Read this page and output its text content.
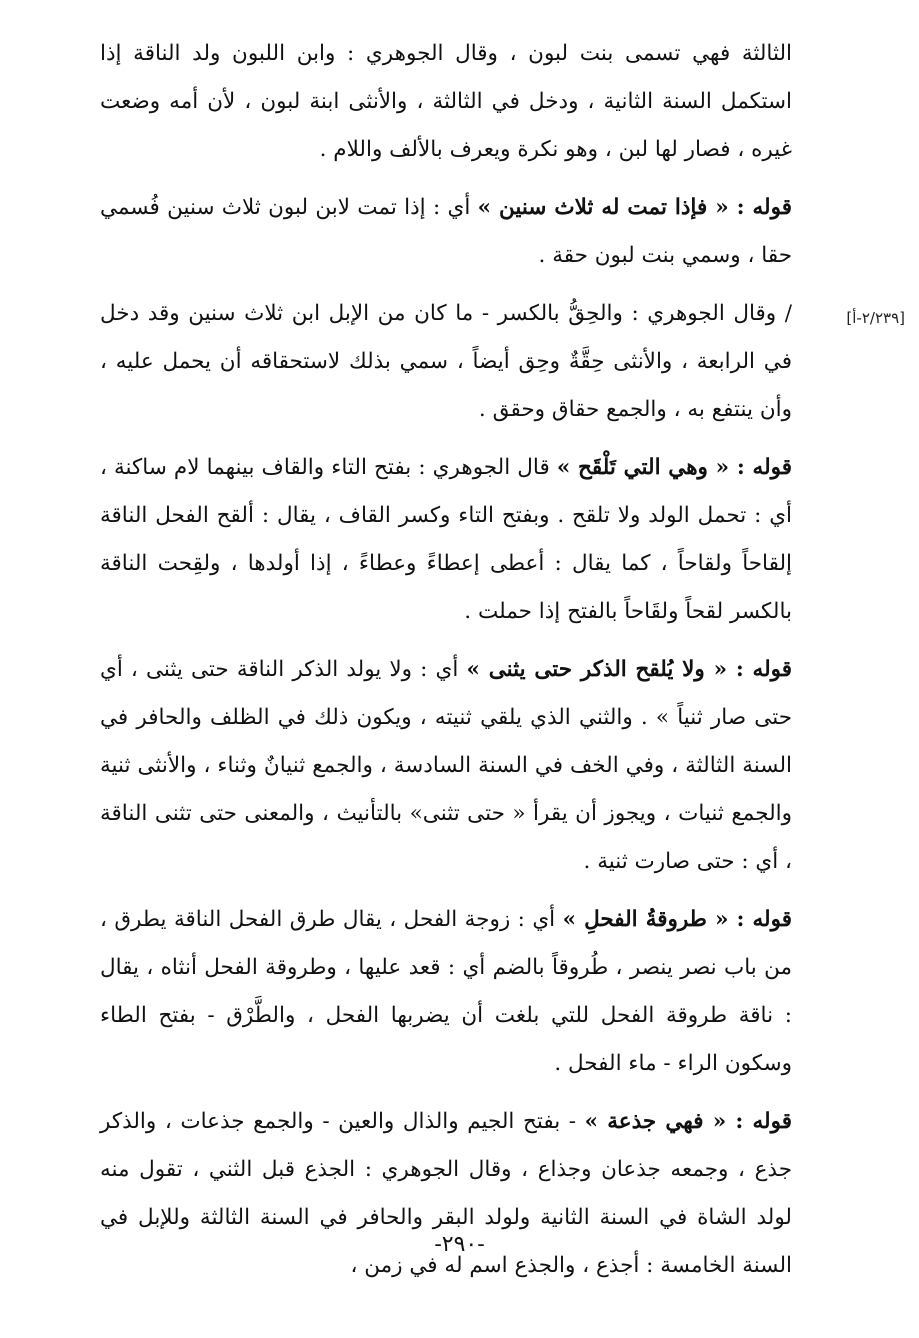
الثالثة فهي تسمى بنت لبون ، وقال الجوهري : وابن اللبون ولد الناقة إذا استكمل السنة الثانية ، ودخل في الثالثة ، والأنثى ابنة لبون ، لأن أمه وضعت غيره ، فصار لها لبن ، وهو نكرة ويعرف بالألف واللام .

قوله : « فإذا تمت له ثلاث سنين » أي : إذا تمت لابن لبون ثلاث سنين فُسمي حقا ، وسمي بنت لبون حقة .

[٢/٢٣٩-أ]
/ وقال الجوهري : والحِقُّ بالكسر - ما كان من الإبل ابن ثلاث سنين وقد دخل في الرابعة ، والأنثى حِقَّةٌ وحِق أيضاً ، سمي بذلك لاستحقاقه أن يحمل عليه ، وأن ينتفع به ، والجمع حقاق وحقق .

قوله : « وهي التي تَلْقَح » قال الجوهري : بفتح التاء والقاف بينهما لام ساكنة ، أي : تحمل الولد ولا تلقح . وبفتح التاء وكسر القاف ، يقال : ألقح الفحل الناقة إلقاحاً ولقاحاً ، كما يقال : أعطى إعطاءً وعطاءً ، إذا أولدها ، ولقِحت الناقة بالكسر لقحاً ولقَاحاً بالفتح إذا حملت .

قوله : « ولا يُلقح الذكر حتى يثنى » أي : ولا يولد الذكر الناقة حتى يثنى ، أي حتى صار ثنياً » . والثني الذي يلقي ثنيته ، ويكون ذلك في الظلف والحافر في السنة الثالثة ، وفي الخف في السنة السادسة ، والجمع ثنيانٌ وثناء ، والأنثى ثنية والجمع ثنيات ، ويجوز أن يقرأ « حتى تثنى» بالتأنيث ، والمعنى حتى تثنى الناقة ، أي : حتى صارت ثنية .

قوله : « طروقةُ الفحلِ » أي : زوجة الفحل ، يقال طرق الفحل الناقة يطرق ، من باب نصر ينصر ، طُروقاً بالضم أي : قعد عليها ، وطروقة الفحل أنثاه ، يقال : ناقة طروقة الفحل للتي بلغت أن يضربها الفحل ، والطَّرْق - بفتح الطاء وسكون الراء - ماء الفحل .

قوله : « فهي جذعة » - بفتح الجيم والذال والعين - والجمع جذعات ، والذكر جذع ، وجمعه جذعان وجذاع ، وقال الجوهري : الجذع قبل الثني ، تقول منه لولد الشاة في السنة الثانية ولولد البقر والحافر في السنة الثالثة وللإبل في السنة الخامسة : أجذع ، والجذع اسم له في زمن ،

-٢٩٠-
